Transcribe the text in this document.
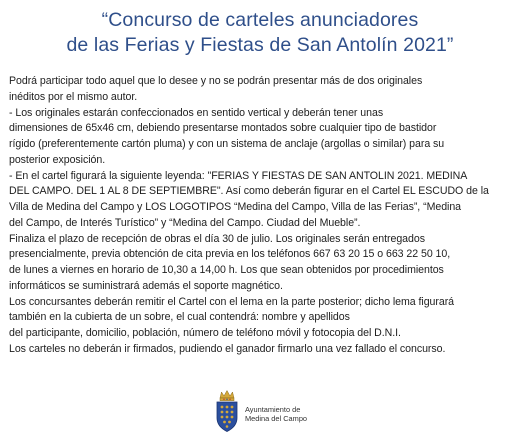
“Concurso de carteles anunciadores
de las Ferias y Fiestas de San Antolín 2021”

Podrá participar todo aquel que lo desee y no se podrán presentar más de dos originales

inéditos por el mismo autor.

- Los originales estarán confeccionados en sentido vertical y deberán tener unas

dimensiones de 65x46 cm, debiendo presentarse montados sobre cualquier tipo de bastidor

rígido (preferentemente cartón pluma) y con un sistema de anclaje (argollas o similar) para su

posterior exposición.

- En el cartel figurará la siguiente leyenda: "FERIAS Y FIESTAS DE SAN ANTOLIN 2021. MEDINA

DEL CAMPO. DEL 1 AL 8 DE SEPTIEMBRE". Así como deberán figurar en el Cartel EL ESCUDO de la

Villa de Medina del Campo y LOS LOGOTIPOS “Medina del Campo, Villa de las Ferias”, “Medina

del Campo, de Interés Turístico” y “Medina del Campo. Ciudad del Mueble”.

Finaliza el plazo de recepción de obras el día 30 de julio. Los originales serán entregados

presencialmente, previa obtención de cita previa en los teléfonos 667 63 20 15 o 663 22 50 10,

de lunes a viernes en horario de 10,30 a 14,00 h. Los que sean obtenidos por procedimientos

informáticos se suministrará además el soporte magnético.

Los concursantes deberán remitir el Cartel con el lema en la parte posterior; dicho lema figurará

también en la cubierta de un sobre, el cual contendrá: nombre y apellidos

del participante, domicilio, población, número de teléfono móvil y fotocopia del D.N.I.

Los carteles no deberán ir firmados, pudiendo el ganador firmarlo una vez fallado el concurso.

Ayuntamiento de
Medina del Campo
